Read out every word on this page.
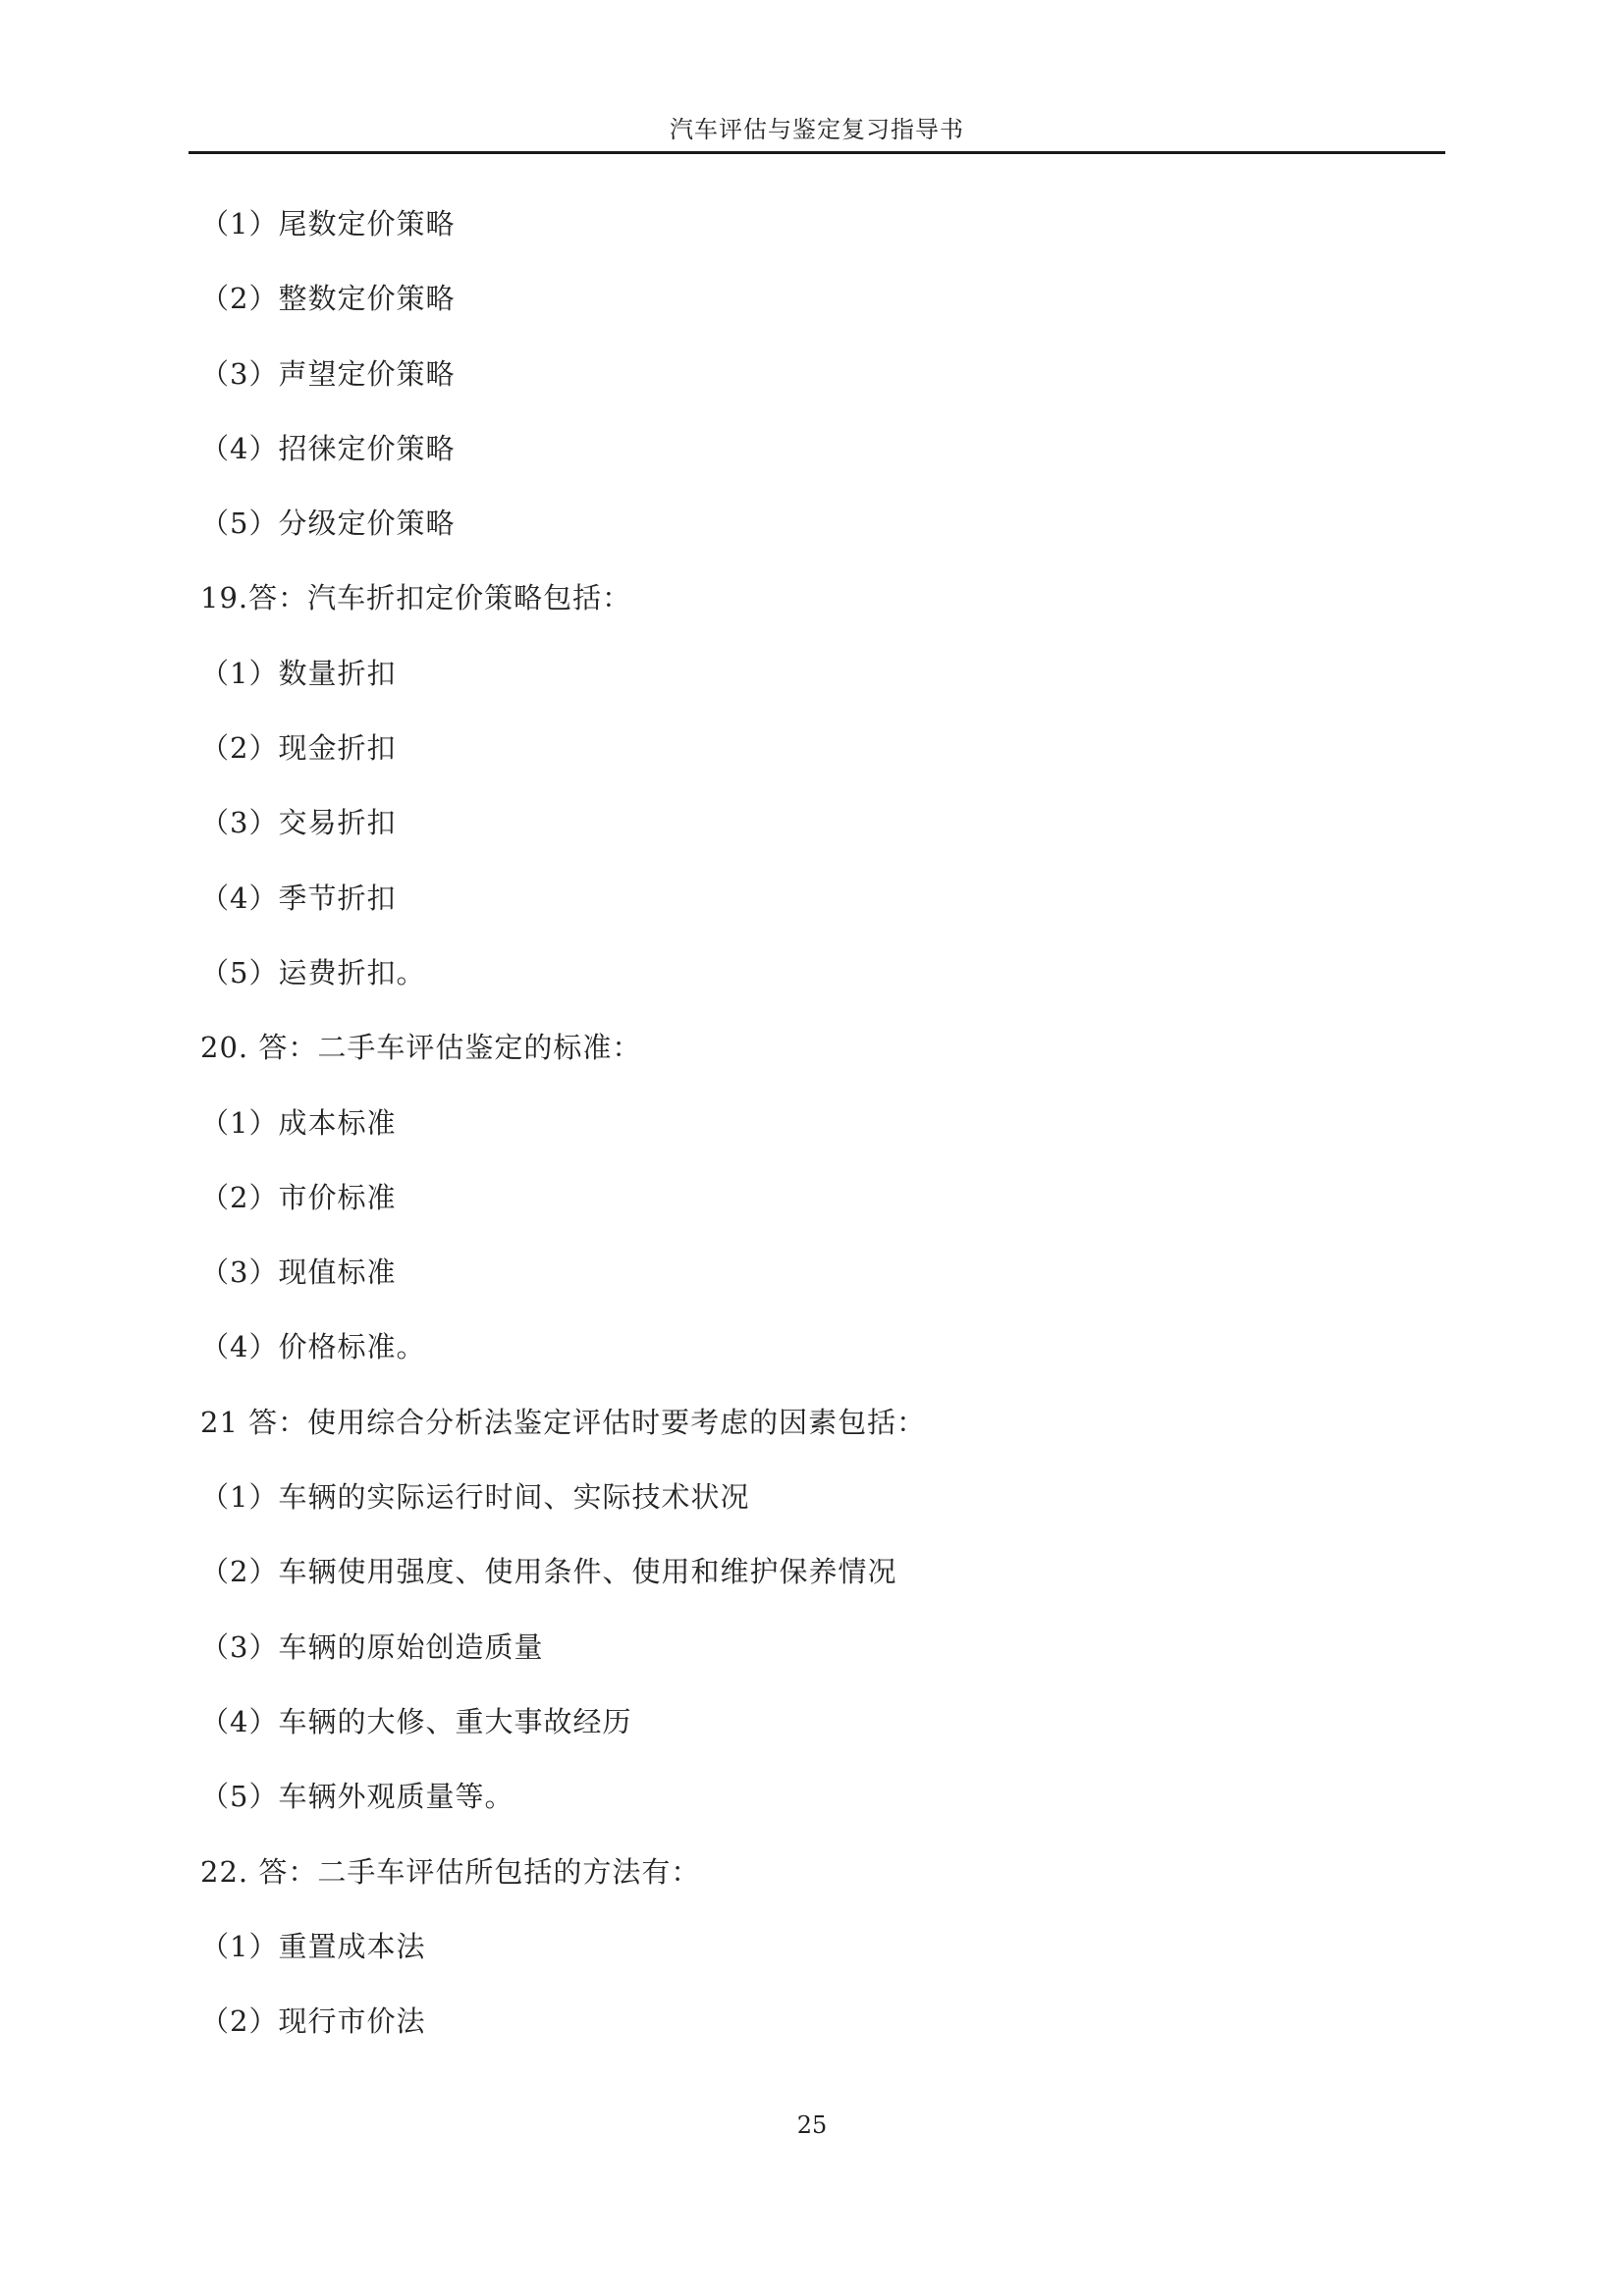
汽车评估与鉴定复习指导书
（1）尾数定价策略
（2）整数定价策略
（3）声望定价策略
（4）招徕定价策略
（5）分级定价策略
19.答：汽车折扣定价策略包括：
（1）数量折扣
（2）现金折扣
（3）交易折扣
（4）季节折扣
（5）运费折扣。
20. 答：二手车评估鉴定的标准：
（1）成本标准
（2）市价标准
（3）现值标准
（4）价格标准。
21 答：使用综合分析法鉴定评估时要考虑的因素包括：
（1）车辆的实际运行时间、实际技术状况
（2）车辆使用强度、使用条件、使用和维护保养情况
（3）车辆的原始创造质量
（4）车辆的大修、重大事故经历
（5）车辆外观质量等。
22. 答：二手车评估所包括的方法有：
（1）重置成本法
（2）现行市价法
25
